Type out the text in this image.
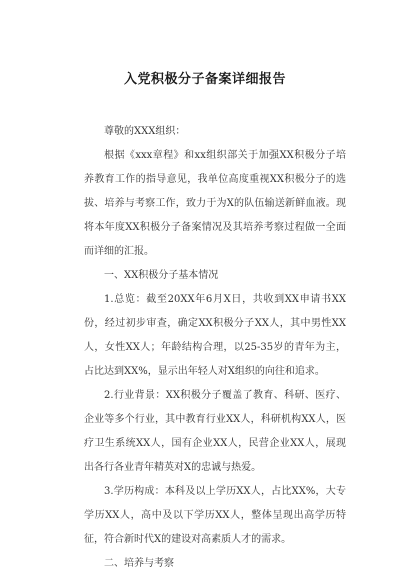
入党积极分子备案详细报告

尊敬的XXX组织：

根据《xxx章程》和xx组织部关于加强XX积极分子培养教育工作的指导意见，我单位高度重视XX积极分子的选拔、培养与考察工作，致力于为X的队伍输送新鲜血液。现将本年度XX积极分子备案情况及其培养考察过程做一全面而详细的汇报。

一、XX积极分子基本情况

1.总览：截至20XX年6月X日，共收到XX申请书XX份，经过初步审查，确定XX积极分子XX人，其中男性XX人，女性XX人；年龄结构合理，以25-35岁的青年为主，占比达到XX%，显示出年轻人对X组织的向往和追求。

2.行业背景：XX积极分子覆盖了教育、科研、医疗、企业等多个行业，其中教育行业XX人，科研机构XX人，医疗卫生系统XX人，国有企业XX人，民营企业XX人，展现出各行各业青年精英对X的忠诚与热爱。

3.学历构成：本科及以上学历XX人，占比XX%，大专学历XX人，高中及以下学历XX人，整体呈现出高学历特征，符合新时代X的建设对高素质人才的需求。

二、培养与考察
